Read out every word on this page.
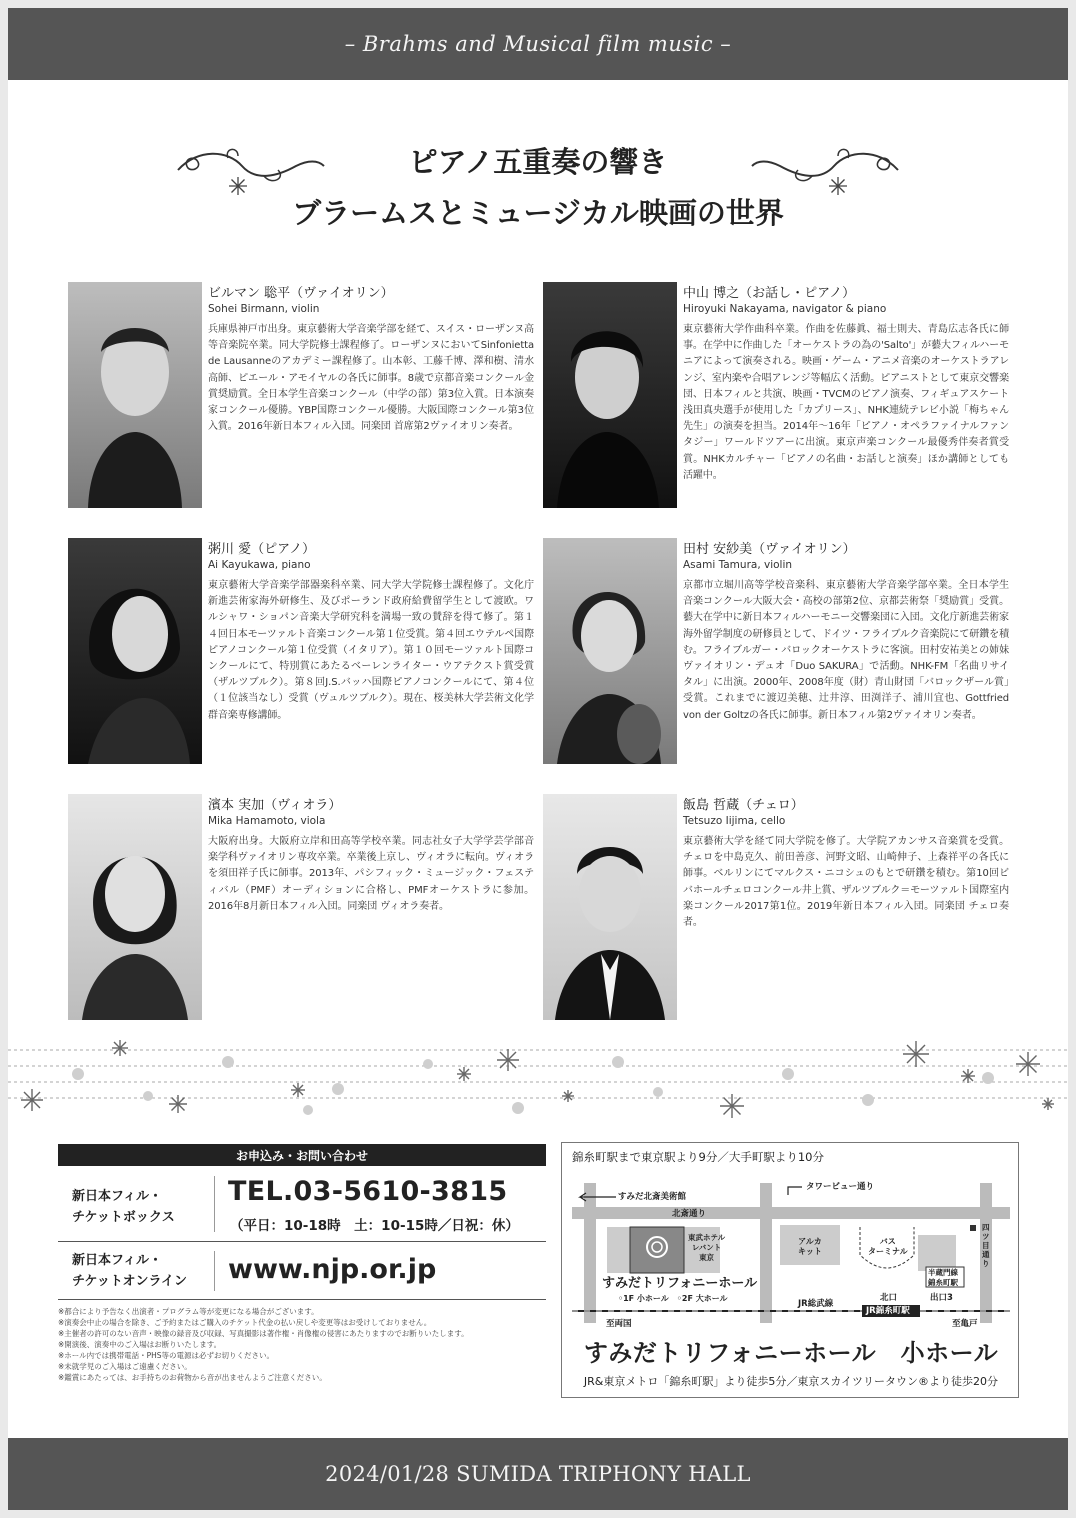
– Brahms and Musical film music –
ピアノ五重奏の響き
ブラームスとミュージカル映画の世界
ビルマン 聡平（ヴァイオリン）
Sohei Birmann, violin
兵庫県神戸市出身。東京藝術大学音楽学部を経て、スイス・ローザンヌ高等音楽院卒業。同大学院修士課程修了。ローザンヌにおいてSinfonietta de Lausanneのアカデミー課程修了。山本彰、工藤千博、澤和樹、清水高師、ピエール・アモイヤルの各氏に師事。8歳で京都音楽コンクール金賞奨励賞。全日本学生音楽コンクール（中学の部）第3位入賞。日本演奏家コンクール優勝。YBP国際コンクール優勝。大阪国際コンクール第3位入賞。2016年新日本フィル入団。同楽団 首席第2ヴァイオリン奏者。
中山 博之（お話し・ピアノ）
Hiroyuki Nakayama, navigator & piano
東京藝術大学作曲科卒業。作曲を佐藤眞、福士則夫、青島広志各氏に師事。在学中に作曲した「オーケストラの為の'Salto'」が藝大フィルハーモニアによって演奏される。映画・ゲーム・アニメ音楽のオーケストラアレンジ、室内楽や合唱アレンジ等幅広く活動。ピアニストとして東京交響楽団、日本フィルと共演、映画・TVCMのピアノ演奏、フィギュアスケート浅田真央選手が使用した「カプリース」、NHK連続テレビ小説「梅ちゃん先生」の演奏を担当。2014年～16年「ピアノ・オペラファイナルファンタジー」ワールドツアーに出演。東京声楽コンクール最優秀伴奏者賞受賞。NHKカルチャー「ピアノの名曲・お話しと演奏」ほか講師としても活躍中。
粥川 愛（ピアノ）
Ai Kayukawa, piano
東京藝術大学音楽学部器楽科卒業、同大学大学院修士課程修了。文化庁新進芸術家海外研修生、及びポーランド政府給費留学生として渡欧。ワルシャワ・ショパン音楽大学研究科を満場一致の賛辞を得て修了。第１４回日本モーツァルト音楽コンクール第１位受賞。第４回エウテルペ国際ピアノコンクール第１位受賞（イタリア）。第１０回モーツァルト国際コンクールにて、特別賞にあたるベーレンライター・ウアテクスト賞受賞（ザルツブルク）。第８回J.S.バッハ国際ピアノコンクールにて、第４位（１位該当なし）受賞（ヴュルツブルク）。現在、桜美林大学芸術文化学群音楽専修講師。
田村 安紗美（ヴァイオリン）
Asami Tamura, violin
京都市立堀川高等学校音楽科、東京藝術大学音楽学部卒業。全日本学生音楽コンクール大阪大会・高校の部第2位、京都芸術祭「奨励賞」受賞。藝大在学中に新日本フィルハーモニー交響楽団に入団。文化庁新進芸術家海外留学制度の研修員として、ドイツ・フライブルク音楽院にて研鑽を積む。フライブルガー・バロックオーケストラに客演。田村安祐美との姉妹ヴァイオリン・デュオ「Duo SAKURA」で活動。NHK-FM「名曲リサイタル」に出演。2000年、2008年度（財）青山財団「バロックザール賞」受賞。これまでに渡辺美穂、辻井淳、田渕洋子、浦川宜也、Gottfried von der Goltzの各氏に師事。新日本フィル第2ヴァイオリン奏者。
濱本 実加（ヴィオラ）
Mika Hamamoto, viola
大阪府出身。大阪府立岸和田高等学校卒業。同志社女子大学学芸学部音楽学科ヴァイオリン専攻卒業。卒業後上京し、ヴィオラに転向。ヴィオラを須田祥子氏に師事。2013年、パシフィック・ミュージック・フェスティバル（PMF）オーディションに合格し、PMFオーケストラに参加。2016年8月新日本フィル入団。同楽団 ヴィオラ奏者。
飯島 哲蔵（チェロ）
Tetsuzo Iijima, cello
東京藝術大学を経て同大学院を修了。大学院アカンサス音楽賞を受賞。チェロを中島克久、前田善彦、河野文昭、山崎伸子、上森祥平の各氏に師事。ベルリンにてマルクス・ニコシュのもとで研鑽を積む。第10回ビバホールチェロコンクール井上賞、ザルツブルク＝モーツァルト国際室内楽コンクール2017第1位。2019年新日本フィル入団。同楽団 チェロ奏者。
お申込み・お問い合わせ
新日本フィル・
チケットボックス
TEL.03-5610-3815
（平日：10-18時　土：10-15時／日祝：休）
新日本フィル・
チケットオンライン	www.njp.or.jp
※都合により予告なく出演者・プログラム等が変更になる場合がございます。
※演奏会中止の場合を除き、ご予約またはご購入のチケット代金の払い戻しや変更等はお受けしておりません。
※主催者の許可のない音声・映像の録音及び収録、写真撮影は著作権・肖像権の侵害にあたりますのでお断りいたします。
※開演後、演奏中のご入場はお断りいたします。
※ホール内では携帯電話・PHS等の電源は必ずお切りください。
※未就学児のご入場はご遠慮ください。
※鑑賞にあたっては、お手持ちのお荷物から音が出ませんようご注意ください。
錦糸町駅まで東京駅より9分／大手町駅より10分
すみだ北斎美術館
タワービュー通り
北斎通り
東武ホテル
レバント
東京
アルカ
キット
バス
ターミナル
半蔵門線
錦糸町駅
四ツ目通り
すみだトリフォニーホール
◦1F 小ホール　◦2F 大ホール	北口	出口3
JR総武線
JR錦糸町駅
至両国	至亀戸
すみだトリフォニーホール　小ホール
JR&東京メトロ「錦糸町駅」より徒歩5分／東京スカイツリータウン®より徒歩20分
2024/01/28 SUMIDA TRIPHONY HALL
